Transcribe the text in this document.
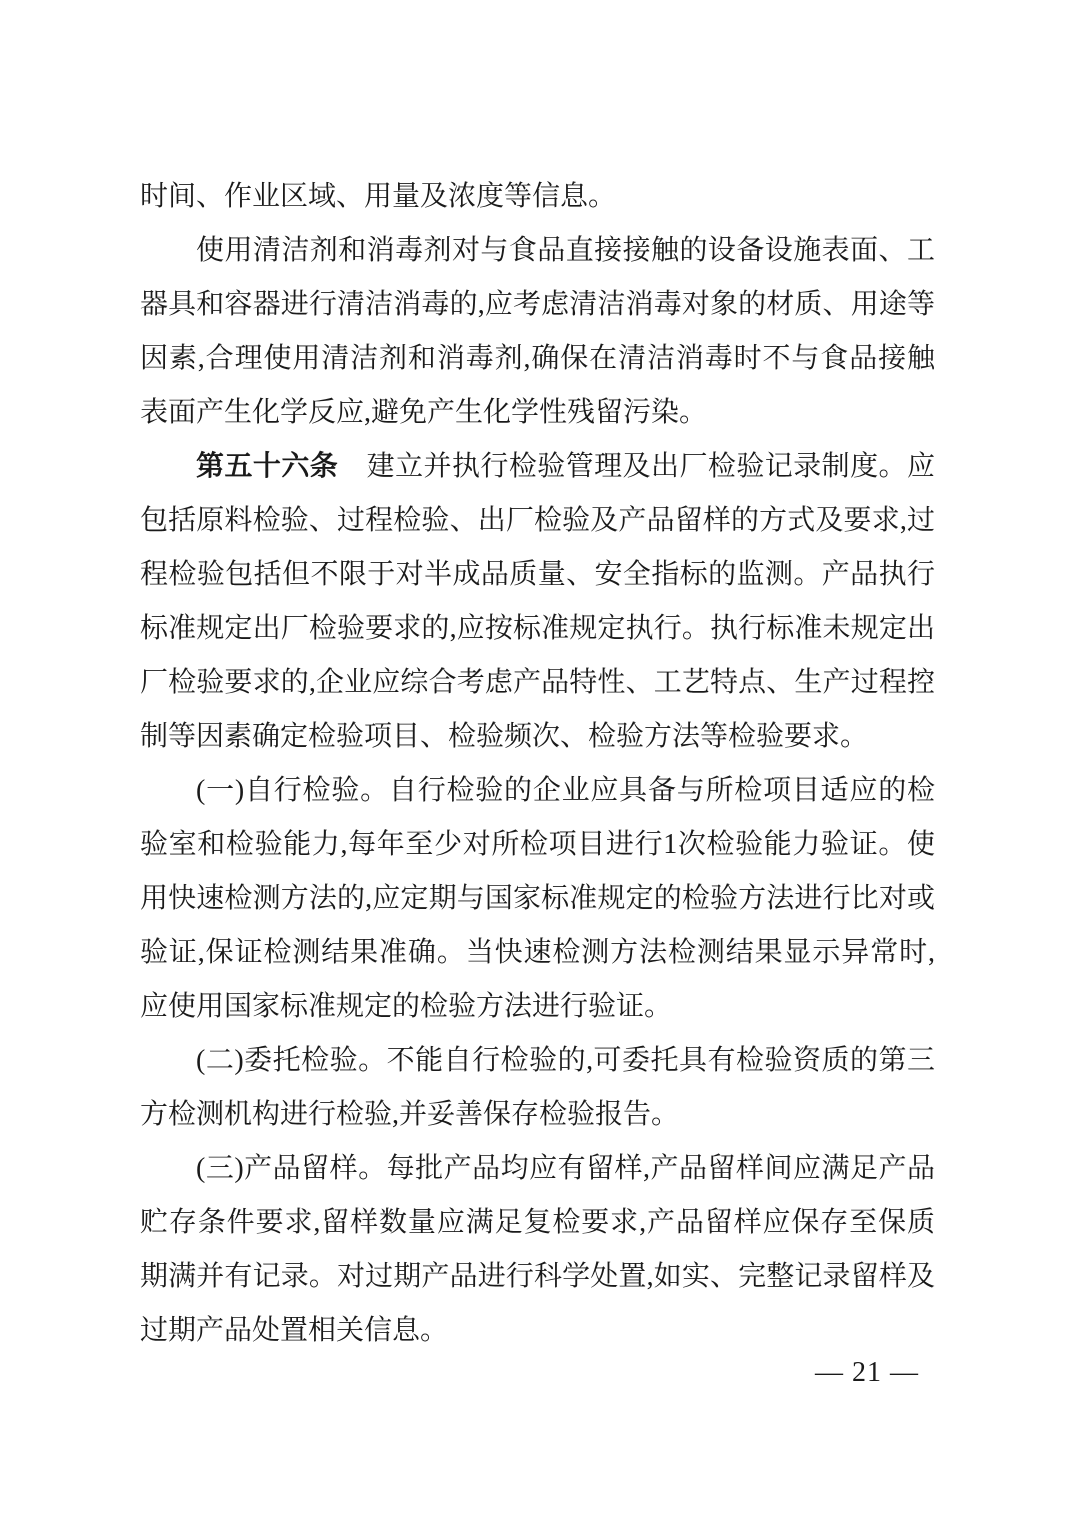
时间、作业区域、用量及浓度等信息。

使用清洁剂和消毒剂对与食品直接接触的设备设施表面、工器具和容器进行清洁消毒的,应考虑清洁消毒对象的材质、用途等因素,合理使用清洁剂和消毒剂,确保在清洁消毒时不与食品接触表面产生化学反应,避免产生化学性残留污染。

第五十六条　建立并执行检验管理及出厂检验记录制度。应包括原料检验、过程检验、出厂检验及产品留样的方式及要求,过程检验包括但不限于对半成品质量、安全指标的监测。产品执行标准规定出厂检验要求的,应按标准规定执行。执行标准未规定出厂检验要求的,企业应综合考虑产品特性、工艺特点、生产过程控制等因素确定检验项目、检验频次、检验方法等检验要求。

(一)自行检验。自行检验的企业应具备与所检项目适应的检验室和检验能力,每年至少对所检项目进行1次检验能力验证。使用快速检测方法的,应定期与国家标准规定的检验方法进行比对或验证,保证检测结果准确。当快速检测方法检测结果显示异常时,应使用国家标准规定的检验方法进行验证。

(二)委托检验。不能自行检验的,可委托具有检验资质的第三方检测机构进行检验,并妥善保存检验报告。

(三)产品留样。每批产品均应有留样,产品留样间应满足产品贮存条件要求,留样数量应满足复检要求,产品留样应保存至保质期满并有记录。对过期产品进行科学处置,如实、完整记录留样及过期产品处置相关信息。

— 21 —
